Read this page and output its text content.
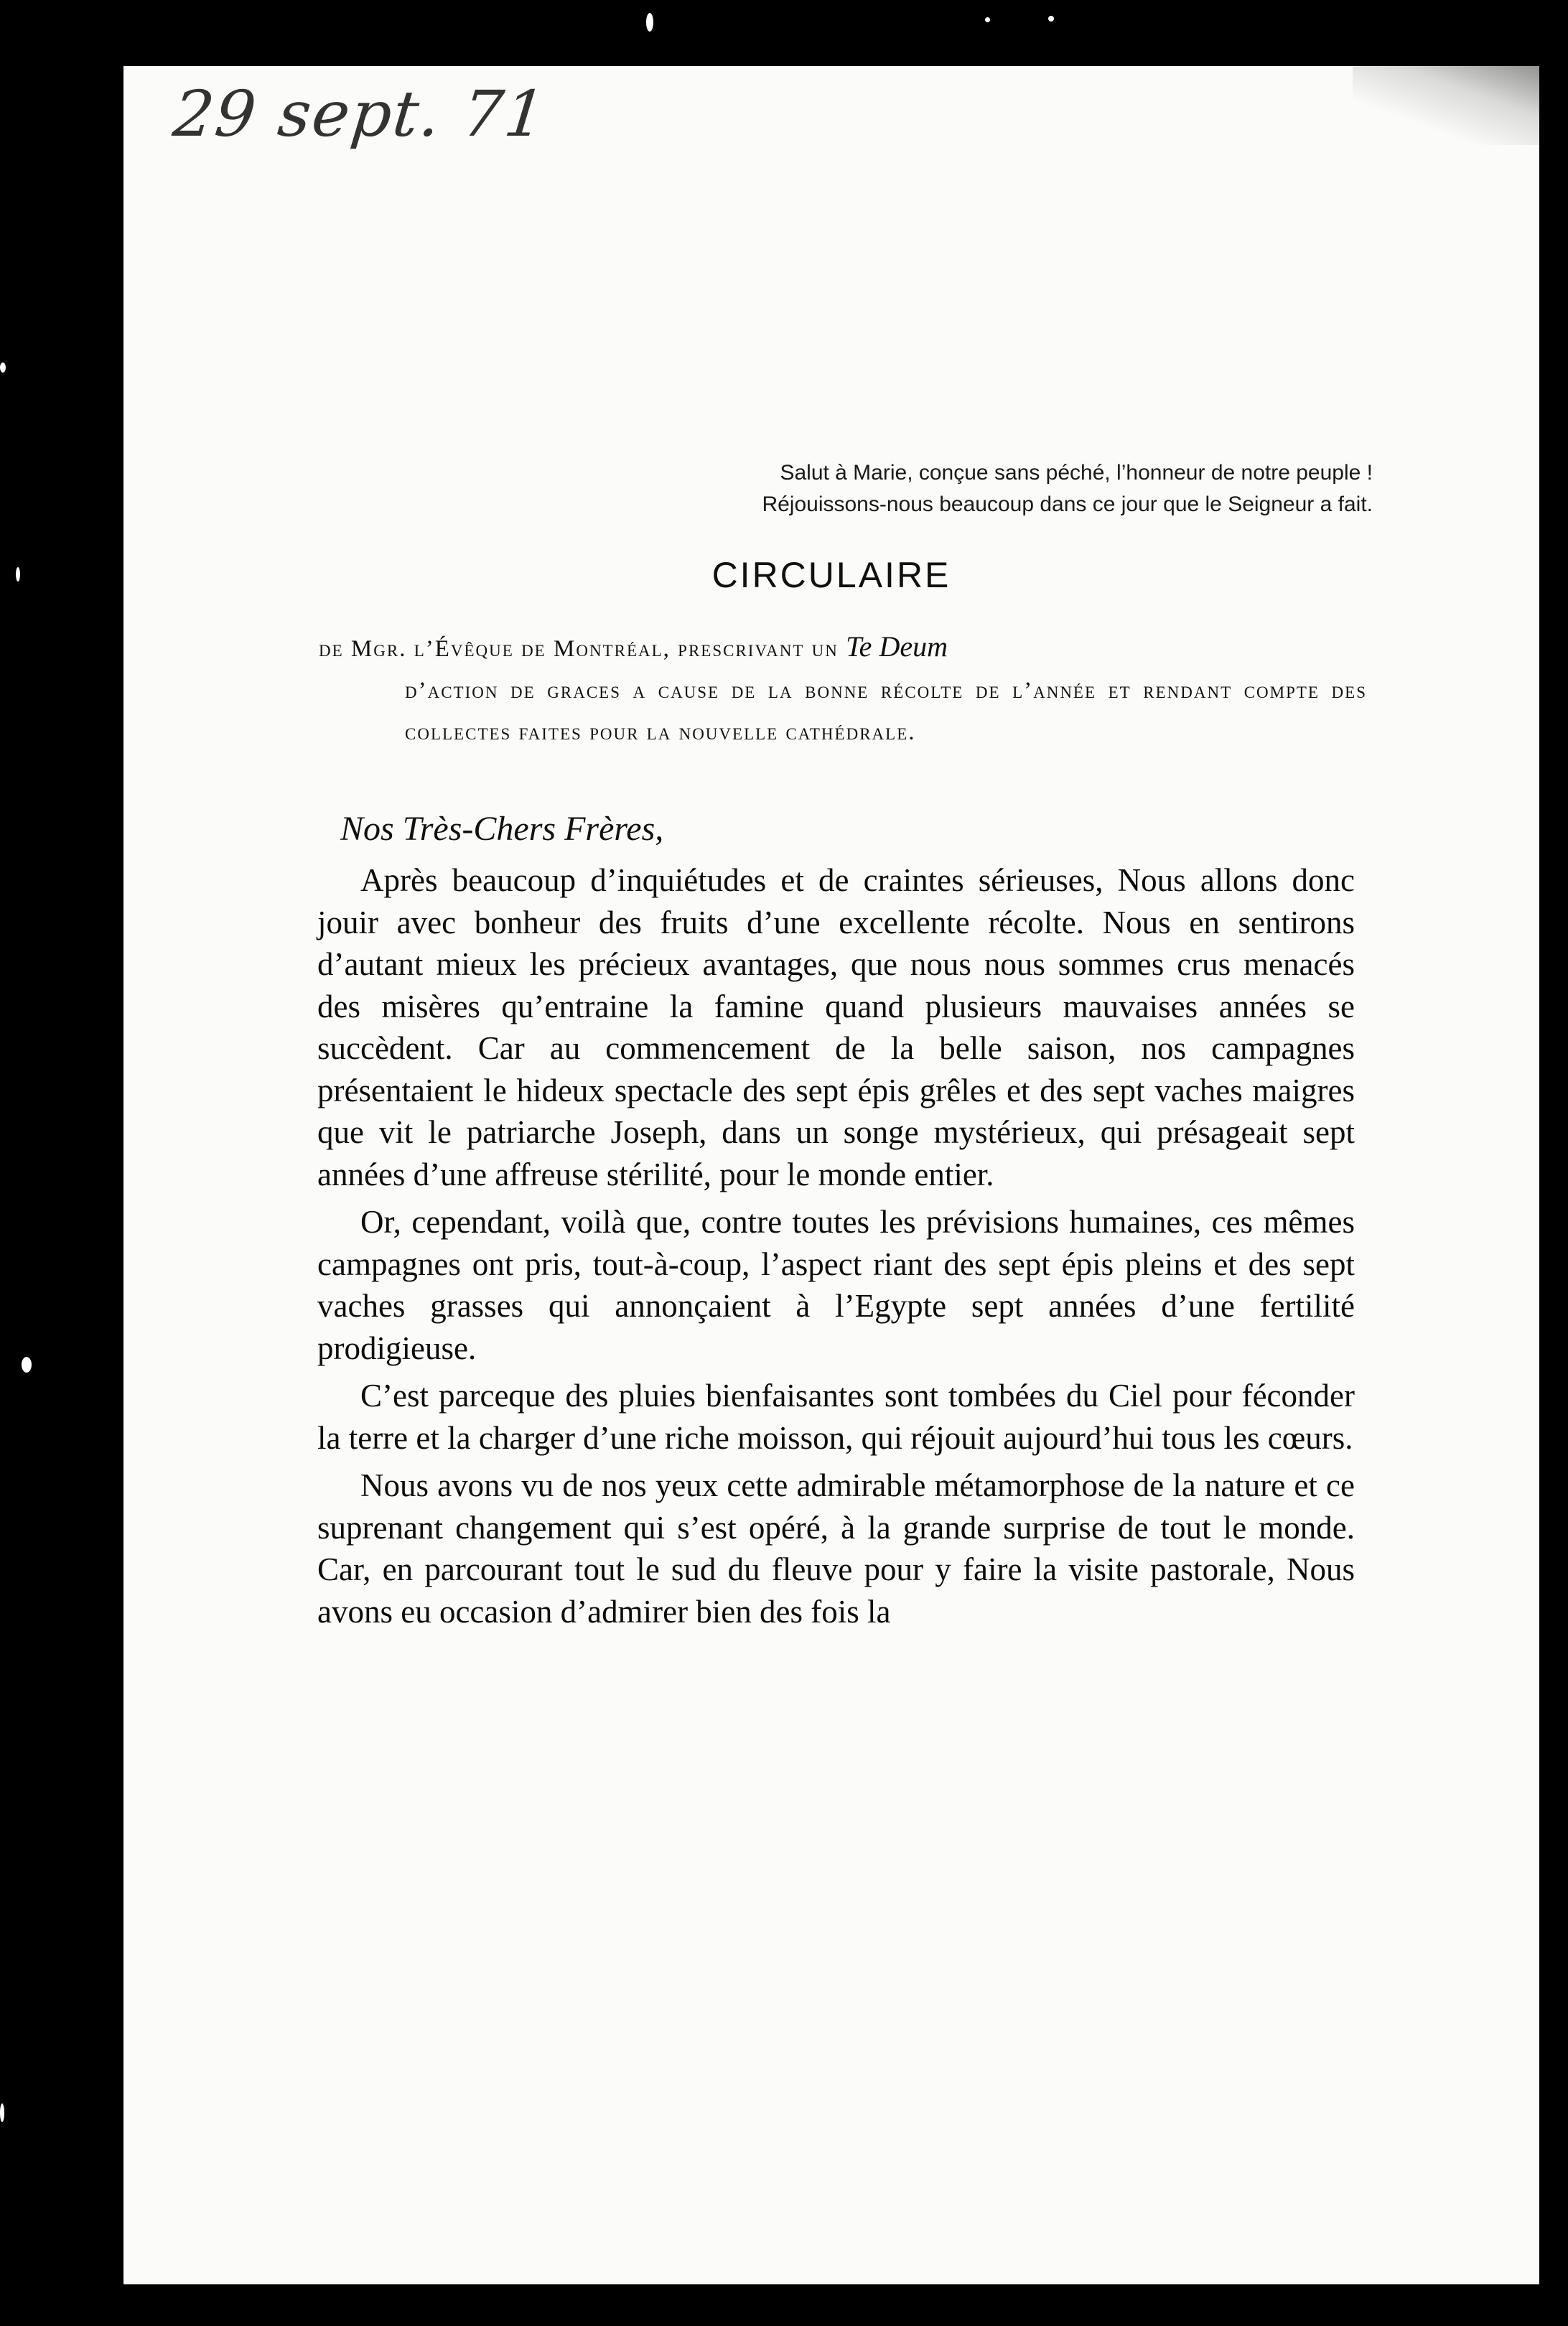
29 sept. 71
Salut à Marie, conçue sans péché, l’honneur de notre peuple !
Réjouissons-nous beaucoup dans ce jour que le Seigneur a fait.
CIRCULAIRE
de Mgr. l’Évêque de Montréal, prescrivant un Te Deum
d’action de graces a cause de la bonne récolte de l’année et rendant compte des collectes faites pour la nouvelle cathédrale.
Nos Très-Chers Frères,

Après beaucoup d’inquiétudes et de craintes sérieuses, Nous allons donc jouir avec bonheur des fruits d’une excellente récolte. Nous en sentirons d’autant mieux les précieux avantages, que nous nous sommes crus menacés des misères qu’entraine la famine quand plusieurs mauvaises années se succèdent. Car au commencement de la belle saison, nos campagnes présentaient le hideux spectacle des sept épis grêles et des sept vaches maigres que vit le patriarche Joseph, dans un songe mystérieux, qui présageait sept années d’une affreuse stérilité, pour le monde entier.

Or, cependant, voilà que, contre toutes les prévisions humaines, ces mêmes campagnes ont pris, tout-à-coup, l’aspect riant des sept épis pleins et des sept vaches grasses qui annonçaient à l’Egypte sept années d’une fertilité prodigieuse.

C’est parceque des pluies bienfaisantes sont tombées du Ciel pour féconder la terre et la charger d’une riche moisson, qui réjouit aujourd’hui tous les cœurs.

Nous avons vu de nos yeux cette admirable métamorphose de la nature et ce suprenant changement qui s’est opéré, à la grande surprise de tout le monde. Car, en parcourant tout le sud du fleuve pour y faire la visite pastorale, Nous avons eu occasion d’admirer bien des fois la
